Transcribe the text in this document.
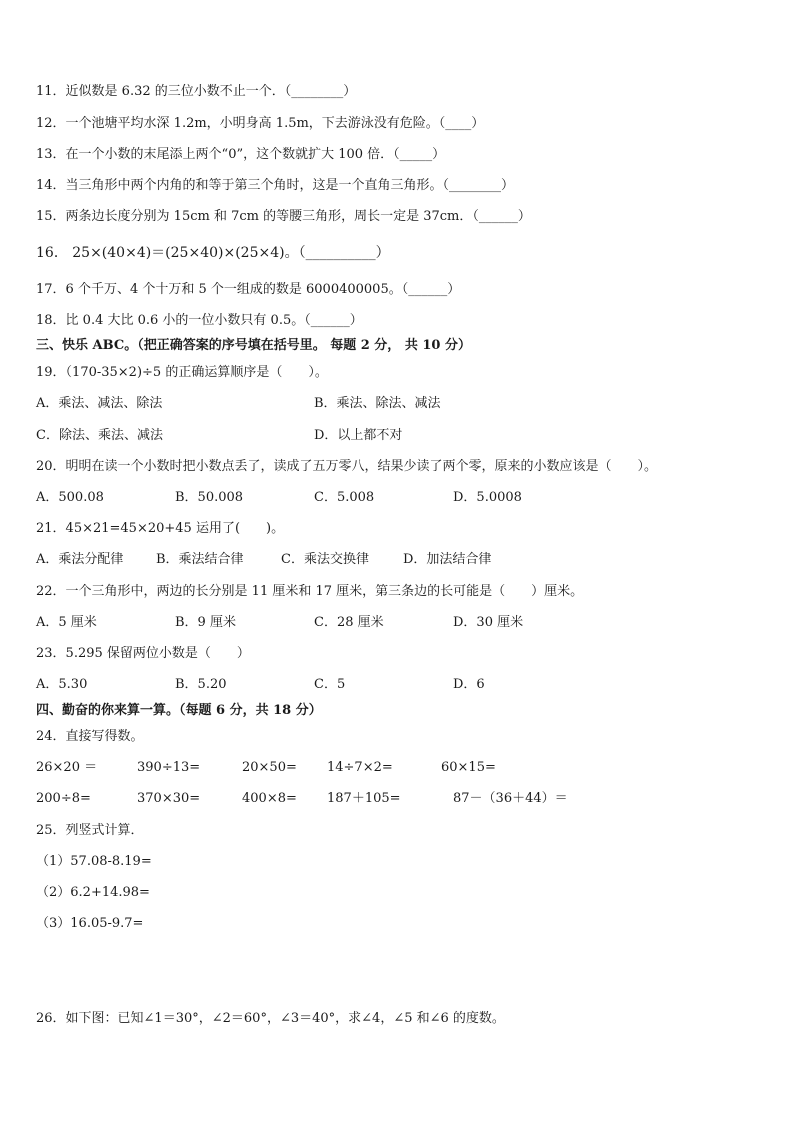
11．近似数是 6.32 的三位小数不止一个．（________）
12．一个池塘平均水深 1.2m，小明身高 1.5m，下去游泳没有危险。（____）
13．在一个小数的末尾添上两个“0”，这个数就扩大 100 倍．（_____）
14．当三角形中两个内角的和等于第三个角时，这是一个直角三角形。（________）
15．两条边长度分别为 15cm 和 7cm 的等腰三角形，周长一定是 37cm．（______）
16． 25×(40×4)＝(25×40)×(25×4)。（__________）
17．6 个千万、4 个十万和 5 个一组成的数是 6000400005。（______）
18．比 0.4 大比 0.6 小的一位小数只有 0.5。（______）
三、快乐 ABC。（把正确答案的序号填在括号里。 每题 2 分， 共 10 分）
19．（170-35×2)÷5 的正确运算顺序是（　　）。
A．乘法、减法、除法	B．乘法、除法、减法
C．除法、乘法、减法	D．以上都不对
20．明明在读一个小数时把小数点丢了，读成了五万零八，结果少读了两个零，原来的小数应该是（　　）。
A．500.08	B．50.008	C．5.008	D．5.0008
21．45×21=45×20+45 运用了(　　)。
A．乘法分配律	B．乘法结合律	C．乘法交换律	D．加法结合律
22．一个三角形中，两边的长分别是 11 厘米和 17 厘米，第三条边的长可能是（　　）厘米。
A．5 厘米	B．9 厘米	C．28 厘米	D．30 厘米
23．5.295 保留两位小数是（　　）
A．5.30	B．5.20	C．5	D．6
四、勤奋的你来算一算。（每题 6 分，共 18 分）
24．直接写得数。
26×20 ＝	390÷13=	20×50= 14÷7×2=	60×15=
200÷8=	370×30=	400×8= 187＋105=	87－（36＋44）＝
25．列竖式计算．
（1）57.08-8.19=
（2）6.2+14.98=
（3）16.05-9.7=
26．如下图：已知∠1＝30°，∠2＝60°，∠3＝40°，求∠4，∠5 和∠6 的度数。
